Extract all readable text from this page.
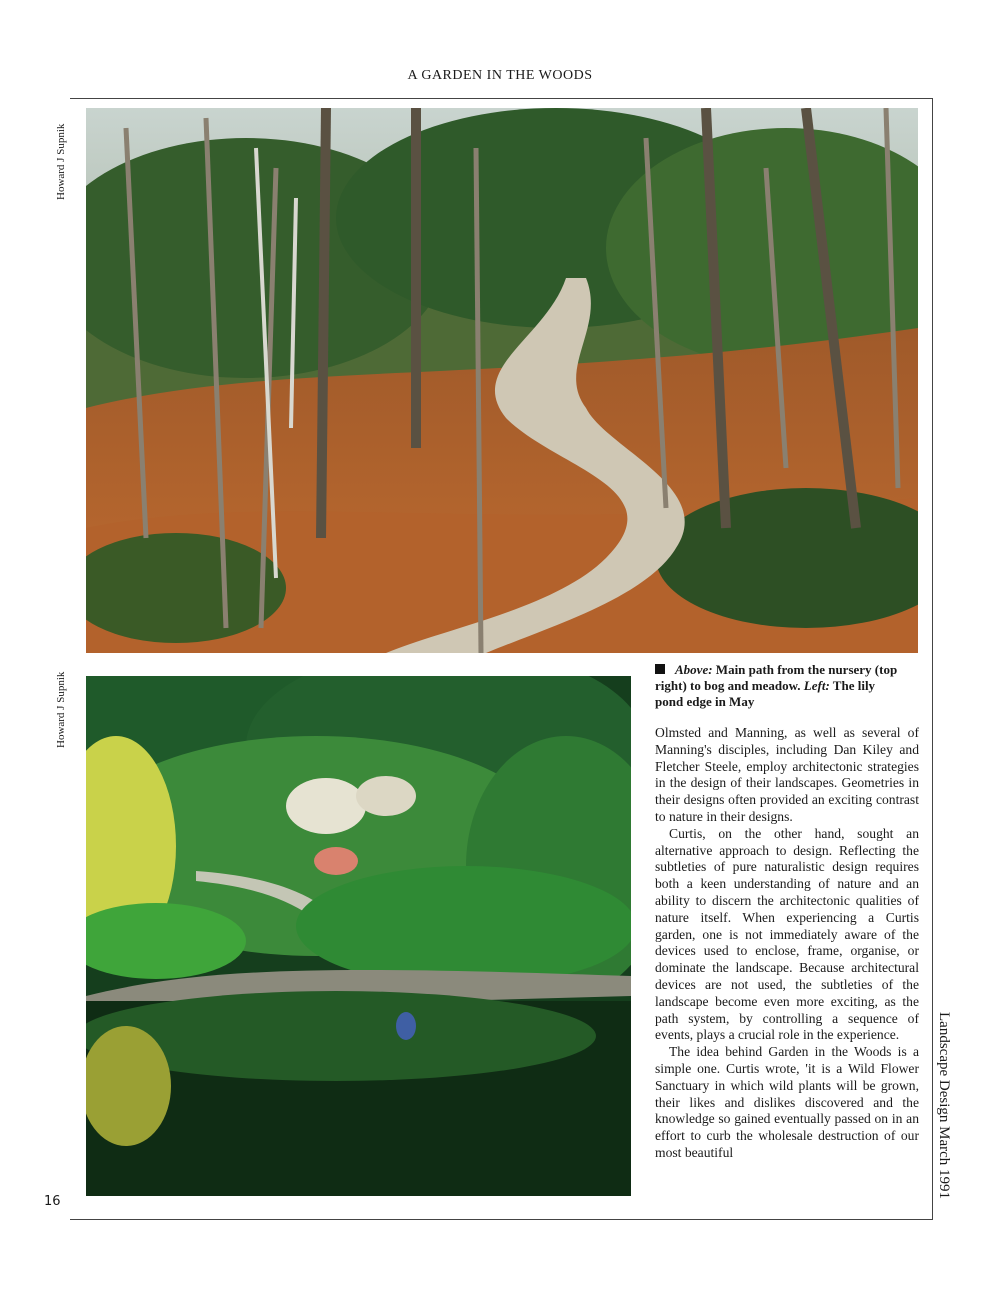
A GARDEN IN THE WOODS
Howard J Supnik
Howard J Supnik
Above: Main path from the nursery (top right) to bog and meadow. Left: The lily pond edge in May

Olmsted and Manning, as well as several of Manning's disciples, including Dan Kiley and Fletcher Steele, employ architectonic strategies in the design of their landscapes. Geometries in their designs often provided an exciting contrast to nature in their designs.

Curtis, on the other hand, sought an alternative approach to design. Reflecting the subtleties of pure naturalistic design requires both a keen understanding of nature and an ability to discern the architectonic qualities of nature itself. When experiencing a Curtis garden, one is not immediately aware of the devices used to enclose, frame, organise, or dominate the landscape. Because architectural devices are not used, the subtleties of the landscape become even more exciting, as the path system, by controlling a sequence of events, plays a crucial role in the experience.

The idea behind Garden in the Woods is a simple one. Curtis wrote, 'it is a Wild Flower Sanctuary in which wild plants will be grown, their likes and dislikes discovered and the knowledge so gained eventually passed on in an effort to curb the wholesale destruction of our most beautiful

16
Landscape Design March 1991
